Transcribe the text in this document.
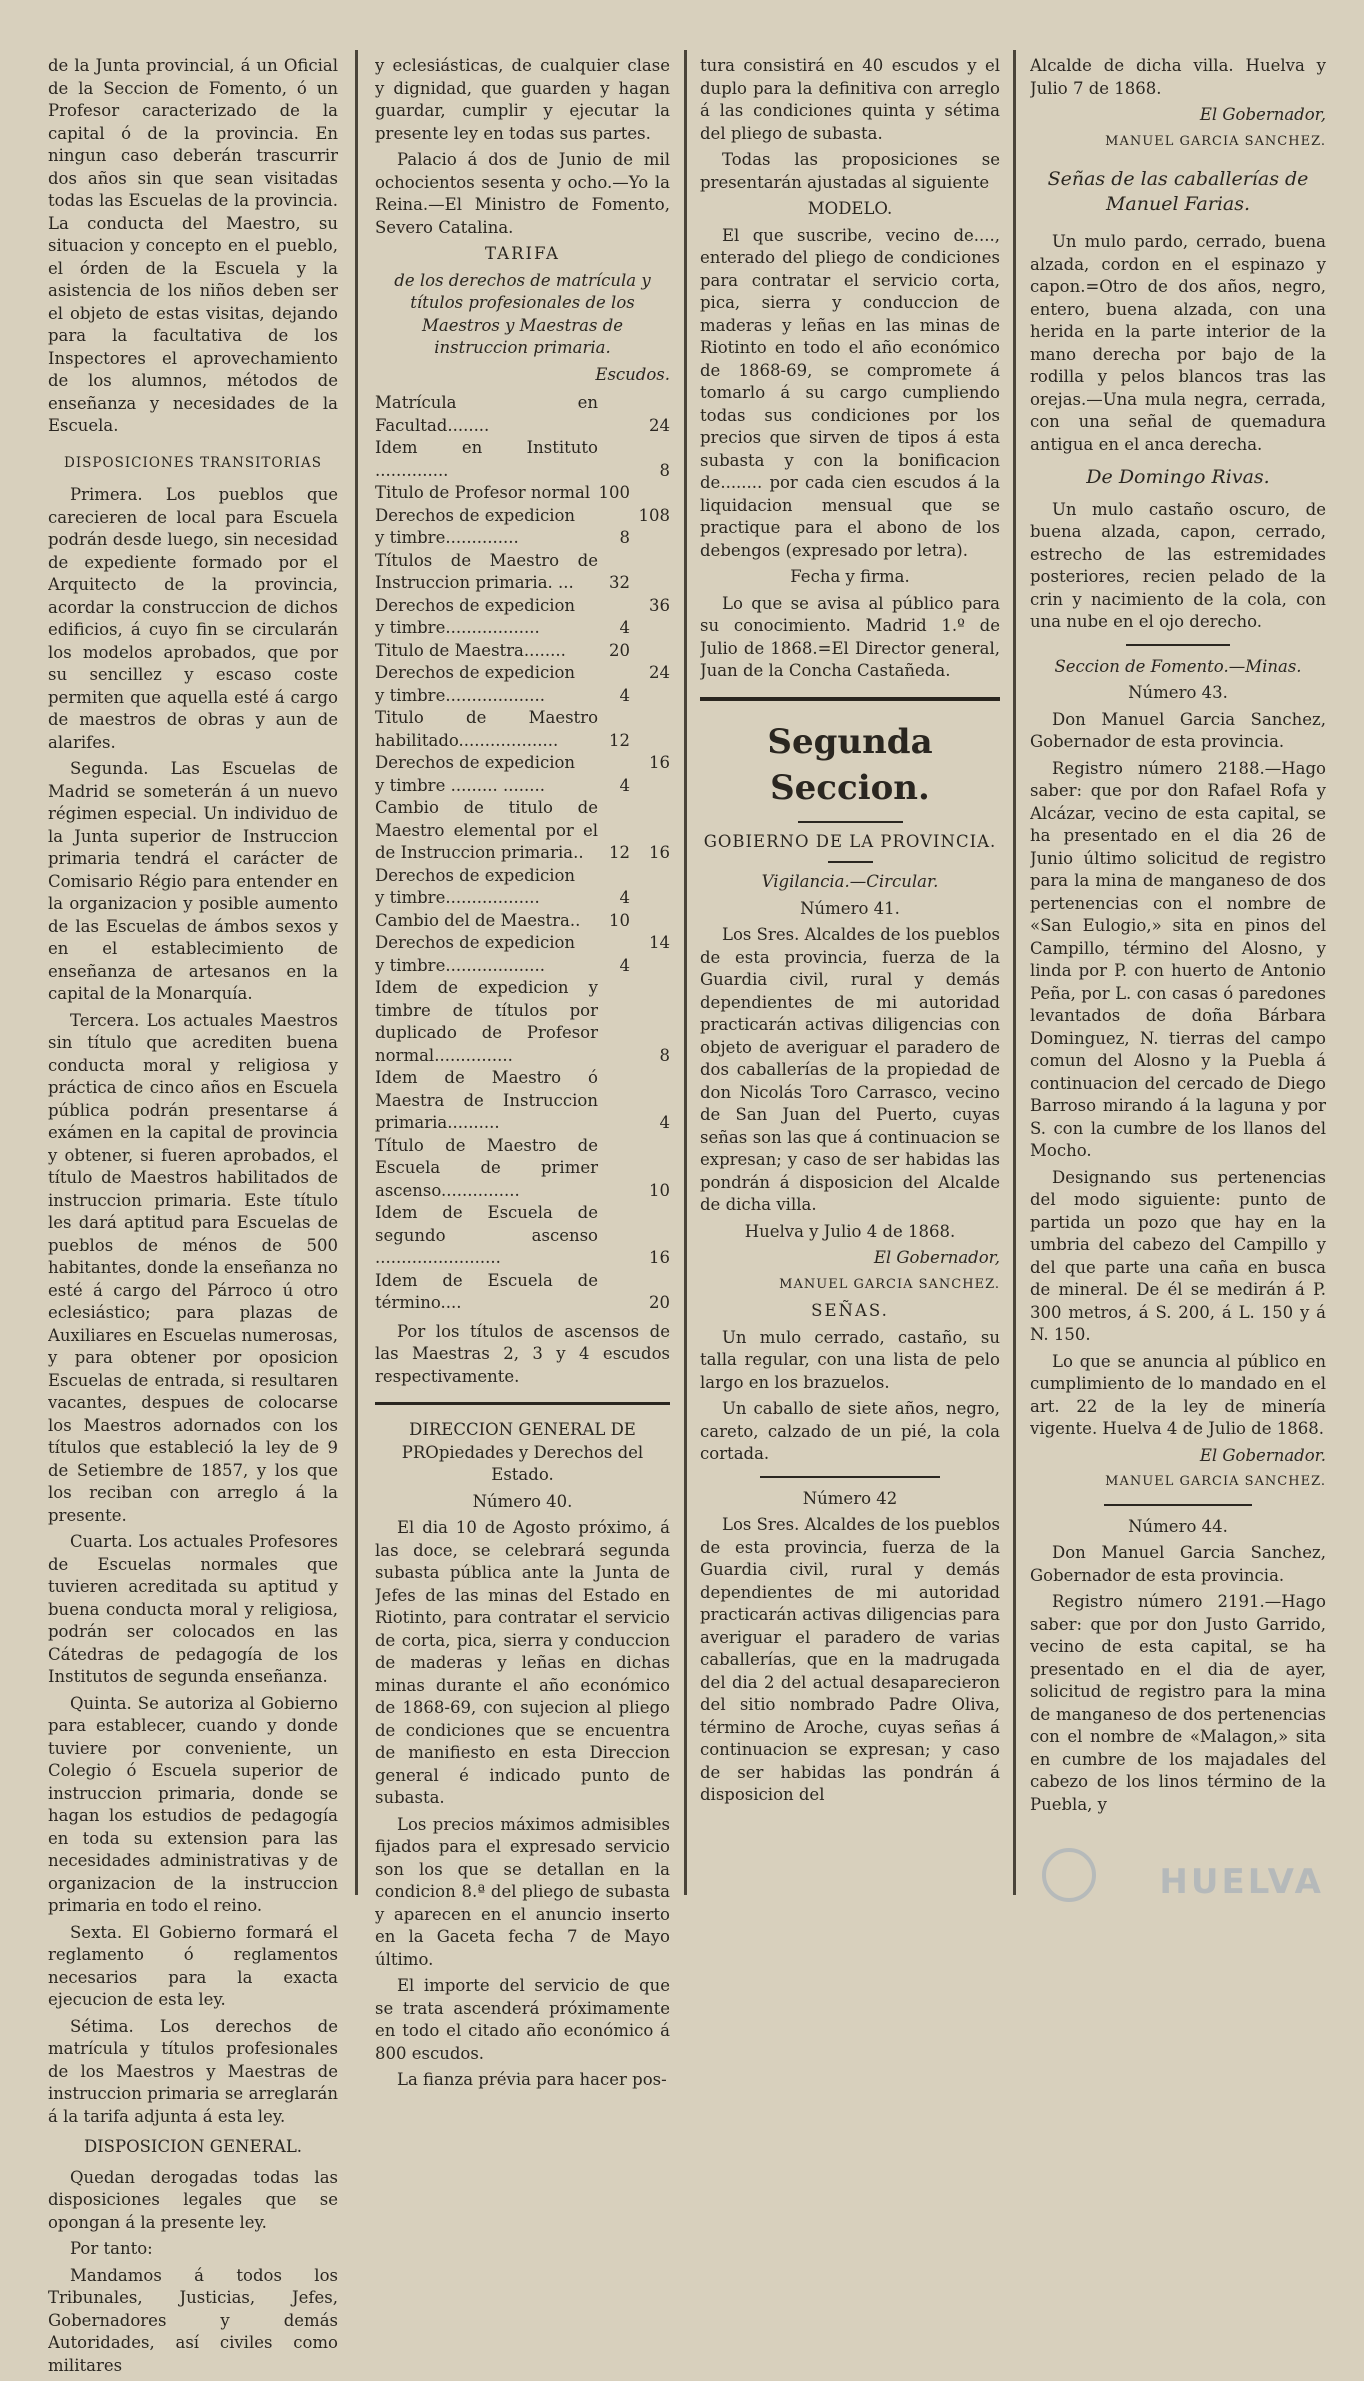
de la Junta provincial, á un Oficial de la Seccion de Fomento, ó un Profesor caracterizado de la capital ó de la provincia. En ningun caso deberán trascurrir dos años sin que sean visitadas todas las Escuelas de la provincia. La conducta del Maestro, su situacion y concepto en el pueblo, el órden de la Escuela y la asistencia de los niños deben ser el objeto de estas visitas, dejando para la facultativa de los Inspectores el aprovechamiento de los alumnos, métodos de enseñanza y necesidades de la Escuela.

DISPOSICIONES TRANSITORIAS

Primera. Los pueblos que carecieren de local para Escuela podrán desde luego, sin necesidad de expediente formado por el Arquitecto de la provincia, acordar la construccion de dichos edificios, á cuyo fin se circularán los modelos aprobados, que por su sencillez y escaso coste permiten que aquella esté á cargo de maestros de obras y aun de alarifes.

Segunda. Las Escuelas de Madrid se someterán á un nuevo régimen especial. Un individuo de la Junta superior de Instruccion primaria tendrá el carácter de Comisario Régio para entender en la organizacion y posible aumento de las Escuelas de ámbos sexos y en el establecimiento de enseñanza de artesanos en la capital de la Monarquía.

Tercera. Los actuales Maestros sin título que acrediten buena conducta moral y religiosa y práctica de cinco años en Escuela pública podrán presentarse á exámen en la capital de provincia y obtener, si fueren aprobados, el título de Maestros habilitados de instruccion primaria. Este título les dará aptitud para Escuelas de pueblos de ménos de 500 habitantes, donde la enseñanza no esté á cargo del Párroco ú otro eclesiástico; para plazas de Auxiliares en Escuelas numerosas, y para obtener por oposicion Escuelas de entrada, si resultaren vacantes, despues de colocarse los Maestros adornados con los títulos que estableció la ley de 9 de Setiembre de 1857, y los que los reciban con arreglo á la presente.

Cuarta. Los actuales Profesores de Escuelas normales que tuvieren acreditada su aptitud y buena conducta moral y religiosa, podrán ser colocados en las Cátedras de pedagogía de los Institutos de segunda enseñanza.

Quinta. Se autoriza al Gobierno para establecer, cuando y donde tuviere por conveniente, un Colegio ó Escuela superior de instruccion primaria, donde se hagan los estudios de pedagogía en toda su extension para las necesidades administrativas y de organizacion de la instruccion primaria en todo el reino.

Sexta. El Gobierno formará el reglamento ó reglamentos necesarios para la exacta ejecucion de esta ley.

Sétima. Los derechos de matrícula y títulos profesionales de los Maestros y Maestras de instruccion primaria se arreglarán á la tarifa adjunta á esta ley.

DISPOSICION GENERAL.

Quedan derogadas todas las disposiciones legales que se opongan á la presente ley.

Por tanto:

Mandamos á todos los Tribunales, Justicias, Jefes, Gobernadores y demás Autoridades, así civiles como militares

y eclesiásticas, de cualquier clase y dignidad, que guarden y hagan guardar, cumplir y ejecutar la presente ley en todas sus partes.

Palacio á dos de Junio de mil ochocientos sesenta y ocho.—Yo la Reina.—El Ministro de Fomento, Severo Catalina.

TARIFA

de los derechos de matrícula y títulos profesionales de los Maestros y Maestras de instruccion primaria.

Escudos.

Matrícula en Facultad........	24
Idem en Instituto ..............	8
Titulo de Profesor normal 100
Derechos de expedicion	108
y timbre..............	8
Títulos de Maestro de Instruccion primaria. ...	32
Derechos de expedicion	36
y timbre..................	4
Titulo de Maestra........	20
Derechos de expedicion	24
y timbre...................	4
Titulo de Maestro habilitado...................	12
Derechos de expedicion	16
y timbre ......... ........	4
Cambio de titulo de Maestro elemental por el de Instruccion primaria..	12	16
Derechos de expedicion
y timbre..................	4
Cambio del de Maestra..	10
Derechos de expedicion	14
y timbre...................	4
Idem de expedicion y timbre de títulos por duplicado de Profesor normal...............	8
Idem de Maestro ó Maestra de Instruccion primaria..........	4
Título de Maestro de Escuela de primer ascenso...............	10
Idem de Escuela de segundo ascenso ........................	16
Idem de Escuela de término....	20

Por los títulos de ascensos de las Maestras 2, 3 y 4 escudos respectivamente.

DIRECCION GENERAL DE PROpiedades y Derechos del Estado.

Número 40.

El dia 10 de Agosto próximo, á las doce, se celebrará segunda subasta pública ante la Junta de Jefes de las minas del Estado en Riotinto, para contratar el servicio de corta, pica, sierra y conduccion de maderas y leñas en dichas minas durante el año económico de 1868-69, con sujecion al pliego de condiciones que se encuentra de manifiesto en esta Direccion general é indicado punto de subasta.

Los precios máximos admisibles fijados para el expresado servicio son los que se detallan en la condicion 8.ª del pliego de subasta y aparecen en el anuncio inserto en la Gaceta fecha 7 de Mayo último.

El importe del servicio de que se trata ascenderá próximamente en todo el citado año económico á 800 escudos.

La fianza prévia para hacer pos-

tura consistirá en 40 escudos y el duplo para la definitiva con arreglo á las condiciones quinta y sétima del pliego de subasta.

Todas las proposiciones se presentarán ajustadas al siguiente

MODELO.

El que suscribe, vecino de...., enterado del pliego de condiciones para contratar el servicio corta, pica, sierra y conduccion de maderas y leñas en las minas de Riotinto en todo el año económico de 1868-69, se compromete á tomarlo á su cargo cumpliendo todas sus condiciones por los precios que sirven de tipos á esta subasta y con la bonificacion de........ por cada cien escudos á la liquidacion mensual que se practique para el abono de los debengos (expresado por letra).

Fecha y firma.

Lo que se avisa al público para su conocimiento. Madrid 1.º de Julio de 1868.=El Director general, Juan de la Concha Castañeda.

Segunda Seccion.

GOBIERNO DE LA PROVINCIA.

Vigilancia.—Circular.

Número 41.

Los Sres. Alcaldes de los pueblos de esta provincia, fuerza de la Guardia civil, rural y demás dependientes de mi autoridad practicarán activas diligencias con objeto de averiguar el paradero de dos caballerías de la propiedad de don Nicolás Toro Carrasco, vecino de San Juan del Puerto, cuyas señas son las que á continuacion se expresan; y caso de ser habidas las pondrán á disposicion del Alcalde de dicha villa.

Huelva y Julio 4 de 1868.

El Gobernador,

MANUEL GARCIA SANCHEZ.

SEÑAS.

Un mulo cerrado, castaño, su talla regular, con una lista de pelo largo en los brazuelos.

Un caballo de siete años, negro, careto, calzado de un pié, la cola cortada.

Número 42

Los Sres. Alcaldes de los pueblos de esta provincia, fuerza de la Guardia civil, rural y demás dependientes de mi autoridad practicarán activas diligencias para averiguar el paradero de varias caballerías, que en la madrugada del dia 2 del actual desaparecieron del sitio nombrado Padre Oliva, término de Aroche, cuyas señas á continuacion se expresan; y caso de ser habidas las pondrán á disposicion del

Alcalde de dicha villa. Huelva y Julio 7 de 1868.

El Gobernador,

MANUEL GARCIA SANCHEZ.

Señas de las caballerías de Manuel Farias.

Un mulo pardo, cerrado, buena alzada, cordon en el espinazo y capon.=Otro de dos años, negro, entero, buena alzada, con una herida en la parte interior de la mano derecha por bajo de la rodilla y pelos blancos tras las orejas.—Una mula negra, cerrada, con una señal de quemadura antigua en el anca derecha.

De Domingo Rivas.

Un mulo castaño oscuro, de buena alzada, capon, cerrado, estrecho de las estremidades posteriores, recien pelado de la crin y nacimiento de la cola, con una nube en el ojo derecho.

Seccion de Fomento.—Minas.

Número 43.

Don Manuel Garcia Sanchez, Gobernador de esta provincia.

Registro número 2188.—Hago saber: que por don Rafael Rofa y Alcázar, vecino de esta capital, se ha presentado en el dia 26 de Junio último solicitud de registro para la mina de manganeso de dos pertenencias con el nombre de «San Eulogio,» sita en pinos del Campillo, término del Alosno, y linda por P. con huerto de Antonio Peña, por L. con casas ó paredones levantados de doña Bárbara Dominguez, N. tierras del campo comun del Alosno y la Puebla á continuacion del cercado de Diego Barroso mirando á la laguna y por S. con la cumbre de los llanos del Mocho.

Designando sus pertenencias del modo siguiente: punto de partida un pozo que hay en la umbria del cabezo del Campillo y del que parte una caña en busca de mineral. De él se medirán á P. 300 metros, á S. 200, á L. 150 y á N. 150.

Lo que se anuncia al público en cumplimiento de lo mandado en el art. 22 de la ley de minería vigente. Huelva 4 de Julio de 1868.

El Gobernador.

MANUEL GARCIA SANCHEZ.

Número 44.

Don Manuel Garcia Sanchez, Gobernador de esta provincia.

Registro número 2191.—Hago saber: que por don Justo Garrido, vecino de esta capital, se ha presentado en el dia de ayer, solicitud de registro para la mina de manganeso de dos pertenencias con el nombre de «Malagon,» sita en cumbre de los majadales del cabezo de los linos término de la Puebla, y

HUELVA
